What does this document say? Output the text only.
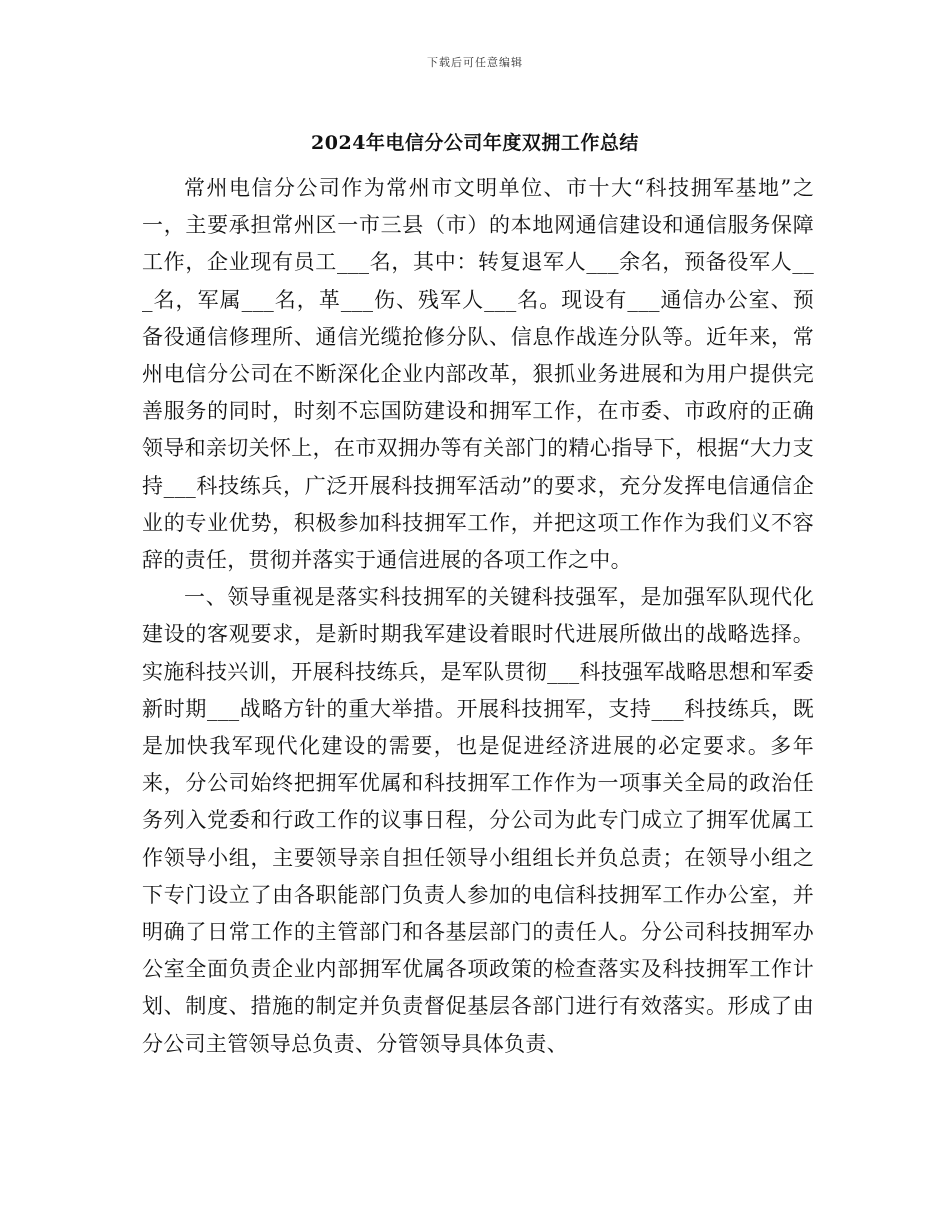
下载后可任意编辑
2024年电信分公司年度双拥工作总结

常州电信分公司作为常州市文明单位、市十大“科技拥军基地”之一，主要承担常州区一市三县（市）的本地网通信建设和通信服务保障工作，企业现有员工___名，其中：转复退军人___余名，预备役军人___名，军属___名，革___伤、残军人___名。现设有___通信办公室、预备役通信修理所、通信光缆抢修分队、信息作战连分队等。近年来，常州电信分公司在不断深化企业内部改革，狠抓业务进展和为用户提供完善服务的同时，时刻不忘国防建设和拥军工作，在市委、市政府的正确领导和亲切关怀上，在市双拥办等有关部门的精心指导下，根据“大力支持___科技练兵，广泛开展科技拥军活动”的要求，充分发挥电信通信企业的专业优势，积极参加科技拥军工作，并把这项工作作为我们义不容辞的责任，贯彻并落实于通信进展的各项工作之中。

一、领导重视是落实科技拥军的关键科技强军，是加强军队现代化建设的客观要求，是新时期我军建设着眼时代进展所做出的战略选择。实施科技兴训，开展科技练兵，是军队贯彻___科技强军战略思想和军委新时期___战略方针的重大举措。开展科技拥军，支持___科技练兵，既是加快我军现代化建设的需要，也是促进经济进展的必定要求。多年来，分公司始终把拥军优属和科技拥军工作作为一项事关全局的政治任务列入党委和行政工作的议事日程，分公司为此专门成立了拥军优属工作领导小组，主要领导亲自担任领导小组组长并负总责；在领导小组之下专门设立了由各职能部门负责人参加的电信科技拥军工作办公室，并明确了日常工作的主管部门和各基层部门的责任人。分公司科技拥军办公室全面负责企业内部拥军优属各项政策的检查落实及科技拥军工作计划、制度、措施的制定并负责督促基层各部门进行有效落实。形成了由分公司主管领导总负责、分管领导具体负责、
